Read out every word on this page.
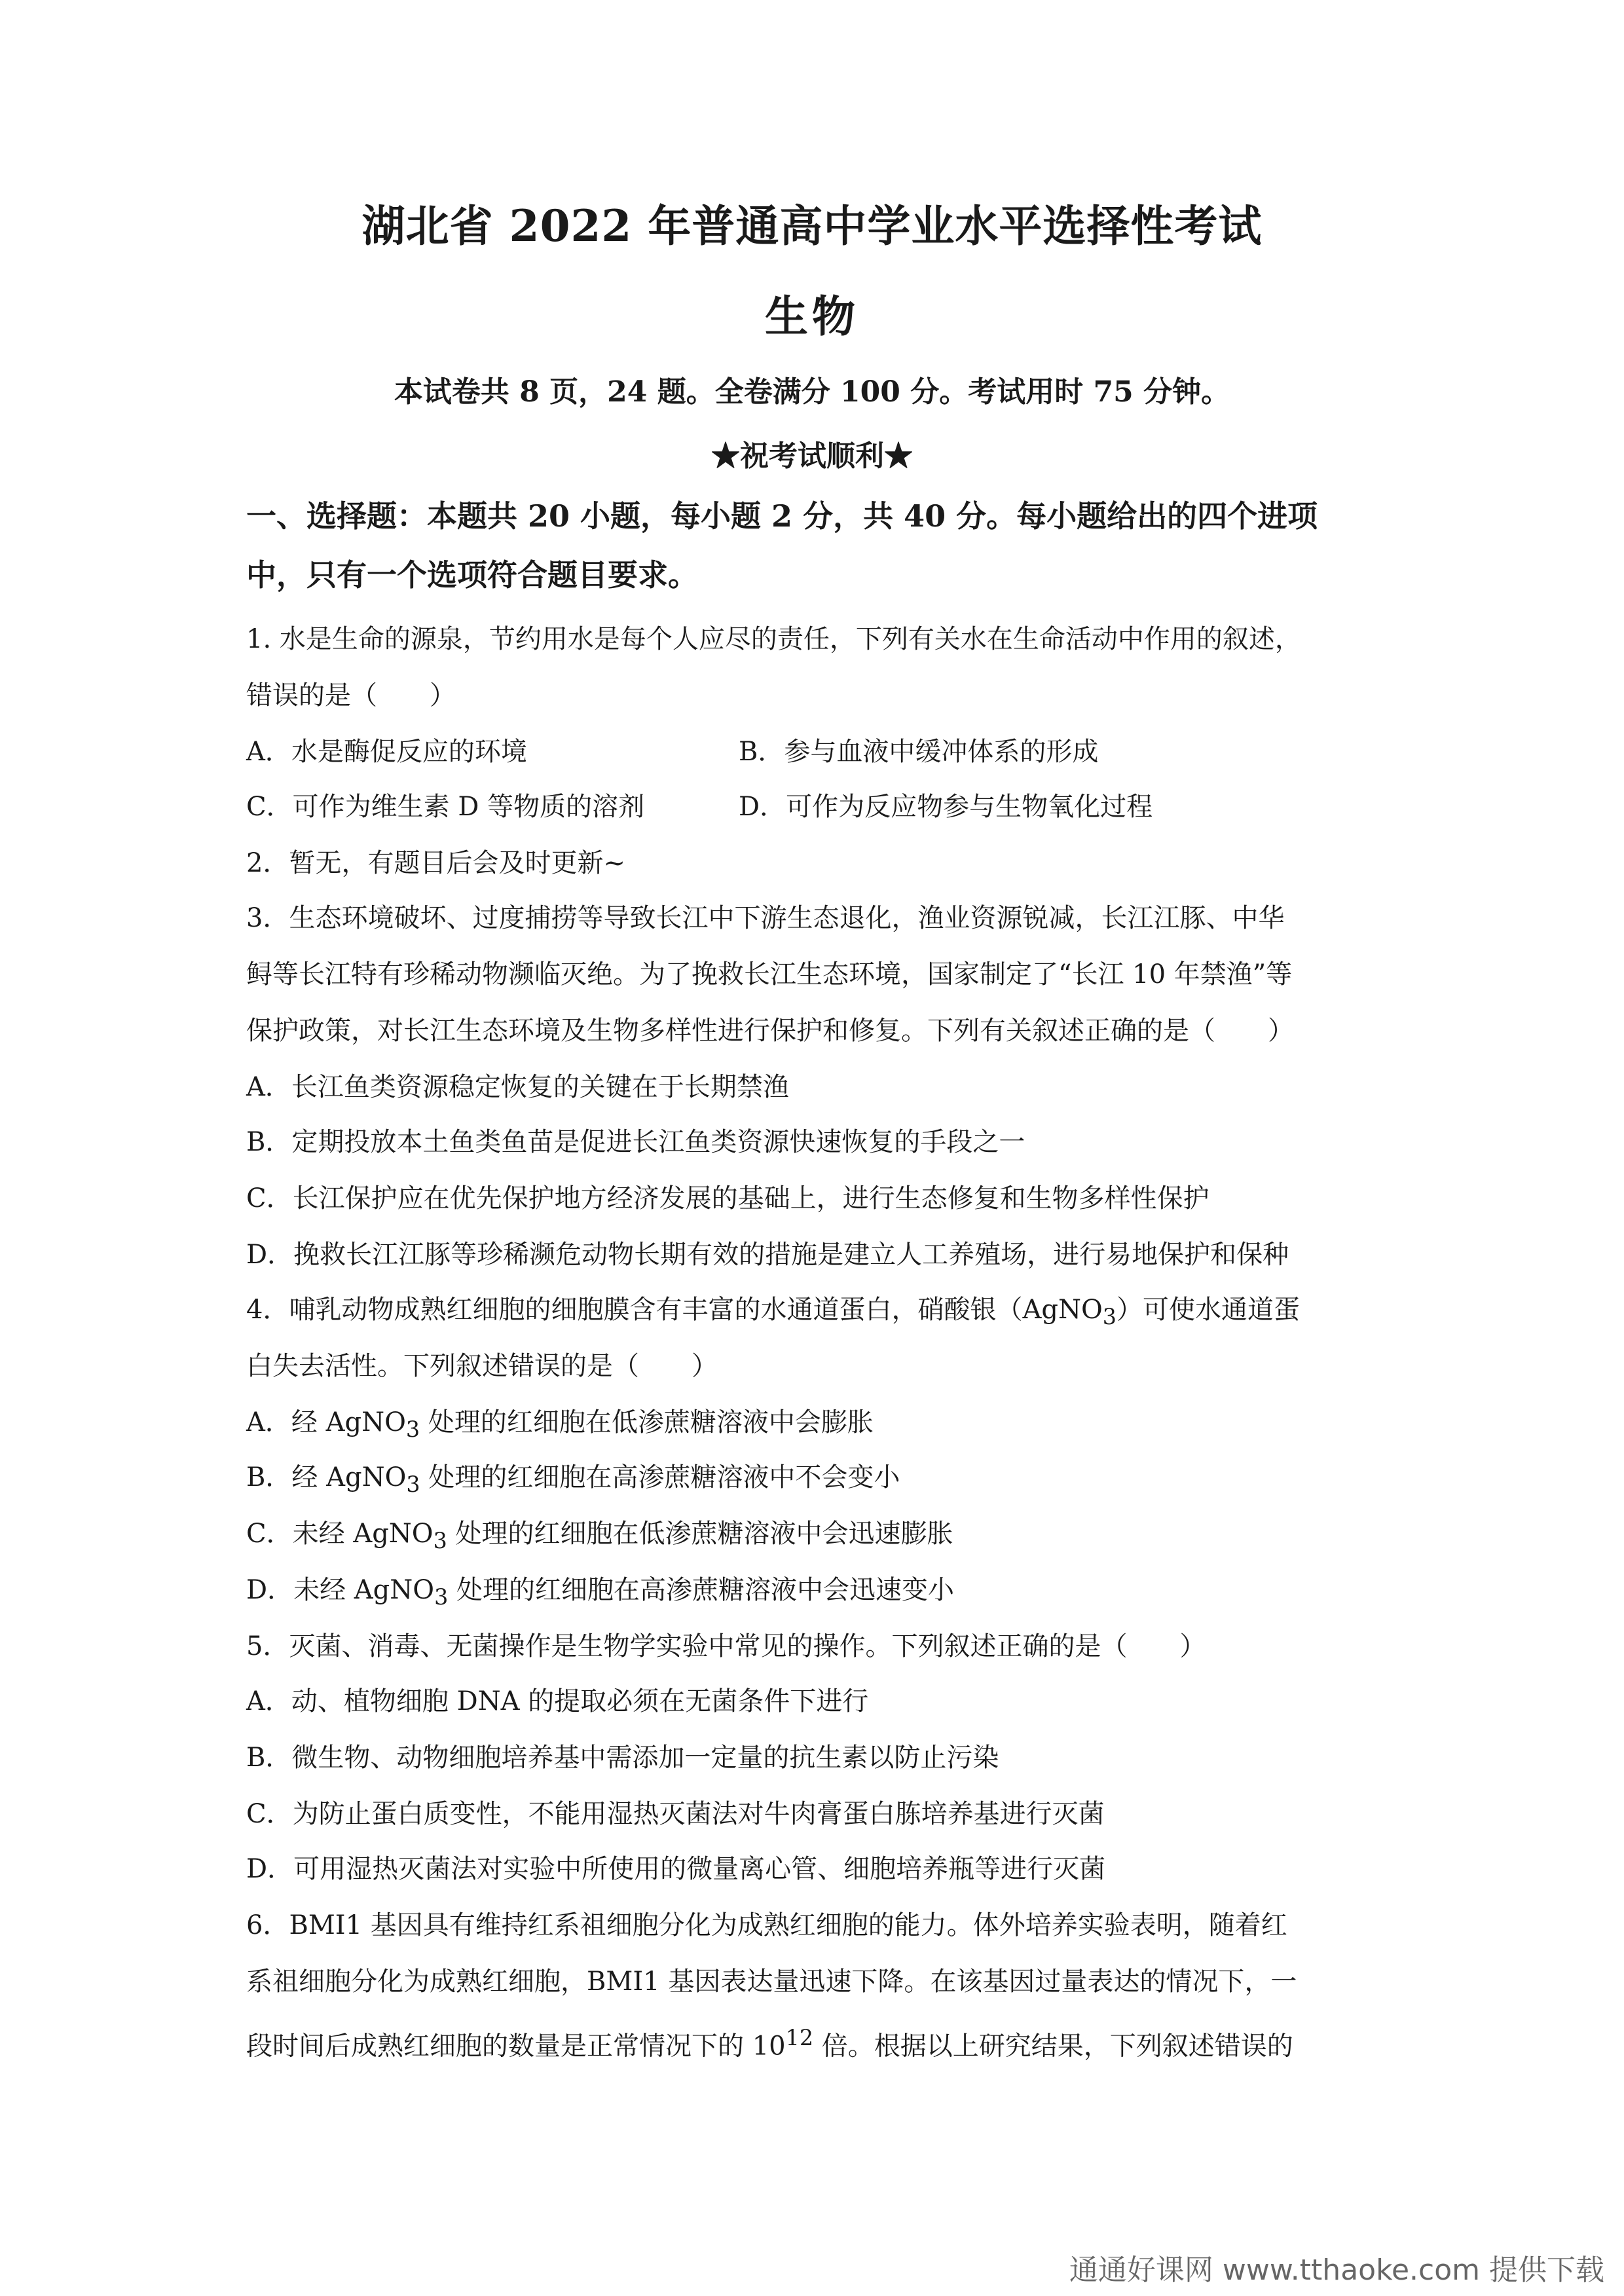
湖北省 2022 年普通高中学业水平选择性考试
生物
本试卷共 8 页，24 题。全卷满分 100 分。考试用时 75 分钟。
★祝考试顺利★
一、选择题：本题共 20 小题，每小题 2 分，共 40 分。每小题给出的四个进项
中，只有一个选项符合题目要求。
1. 水是生命的源泉，节约用水是每个人应尽的责任，下列有关水在生命活动中作用的叙述，
错误的是（　　）
A．水是酶促反应的环境	B．参与血液中缓冲体系的形成
C．可作为维生素 D 等物质的溶剂	D．可作为反应物参与生物氧化过程
2．暂无，有题目后会及时更新~
3．生态环境破坏、过度捕捞等导致长江中下游生态退化，渔业资源锐减，长江江豚、中华
鲟等长江特有珍稀动物濒临灭绝。为了挽救长江生态环境，国家制定了“长江 10 年禁渔”等
保护政策，对长江生态环境及生物多样性进行保护和修复。下列有关叙述正确的是（　　）
A．长江鱼类资源稳定恢复的关键在于长期禁渔
B．定期投放本土鱼类鱼苗是促进长江鱼类资源快速恢复的手段之一
C．长江保护应在优先保护地方经济发展的基础上，进行生态修复和生物多样性保护
D．挽救长江江豚等珍稀濒危动物长期有效的措施是建立人工养殖场，进行易地保护和保种
4．哺乳动物成熟红细胞的细胞膜含有丰富的水通道蛋白，硝酸银（AgNO$_3$）可使水通道蛋
白失去活性。下列叙述错误的是（　　）
A．经 AgNO$_3$ 处理的红细胞在低渗蔗糖溶液中会膨胀
B．经 AgNO$_3$ 处理的红细胞在高渗蔗糖溶液中不会变小
C．未经 AgNO$_3$ 处理的红细胞在低渗蔗糖溶液中会迅速膨胀
D．未经 AgNO$_3$ 处理的红细胞在高渗蔗糖溶液中会迅速变小
5．灭菌、消毒、无菌操作是生物学实验中常见的操作。下列叙述正确的是（　　）
A．动、植物细胞 DNA 的提取必须在无菌条件下进行
B．微生物、动物细胞培养基中需添加一定量的抗生素以防止污染
C．为防止蛋白质变性，不能用湿热灭菌法对牛肉膏蛋白胨培养基进行灭菌
D．可用湿热灭菌法对实验中所使用的微量离心管、细胞培养瓶等进行灭菌
6．BMI1 基因具有维持红系祖细胞分化为成熟红细胞的能力。体外培养实验表明，随着红
系祖细胞分化为成熟红细胞，BMI1 基因表达量迅速下降。在该基因过量表达的情况下，一
段时间后成熟红细胞的数量是正常情况下的 $10^{12}$ 倍。根据以上研究结果，下列叙述错误的
通通好课网 www.tthaoke.com 提供下载
